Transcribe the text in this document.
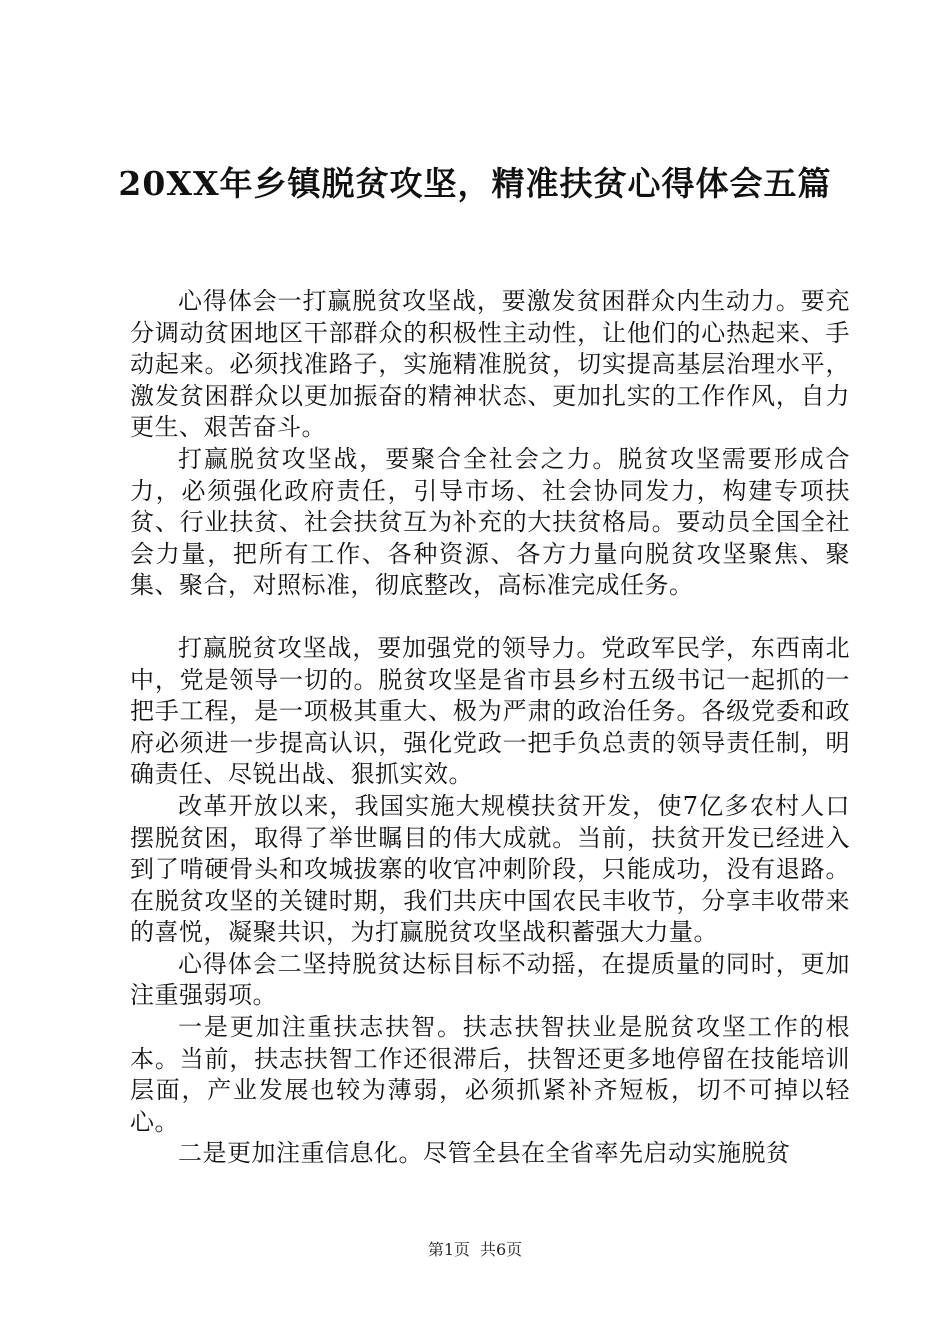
20XX年乡镇脱贫攻坚，精准扶贫心得体会五篇

心得体会一打赢脱贫攻坚战，要激发贫困群众内生动力。要充分调动贫困地区干部群众的积极性主动性，让他们的心热起来、手动起来。必须找准路子，实施精准脱贫，切实提高基层治理水平，激发贫困群众以更加振奋的精神状态、更加扎实的工作作风，自力更生、艰苦奋斗。

打赢脱贫攻坚战，要聚合全社会之力。脱贫攻坚需要形成合力，必须强化政府责任，引导市场、社会协同发力，构建专项扶贫、行业扶贫、社会扶贫互为补充的大扶贫格局。要动员全国全社会力量，把所有工作、各种资源、各方力量向脱贫攻坚聚焦、聚集、聚合，对照标准，彻底整改，高标准完成任务。

打赢脱贫攻坚战，要加强党的领导力。党政军民学，东西南北中，党是领导一切的。脱贫攻坚是省市县乡村五级书记一起抓的一把手工程，是一项极其重大、极为严肃的政治任务。各级党委和政府必须进一步提高认识，强化党政一把手负总责的领导责任制，明确责任、尽锐出战、狠抓实效。

改革开放以来，我国实施大规模扶贫开发，使7亿多农村人口摆脱贫困，取得了举世瞩目的伟大成就。当前，扶贫开发已经进入到了啃硬骨头和攻城拔寨的收官冲刺阶段，只能成功，没有退路。在脱贫攻坚的关键时期，我们共庆中国农民丰收节，分享丰收带来的喜悦，凝聚共识，为打赢脱贫攻坚战积蓄强大力量。

心得体会二坚持脱贫达标目标不动摇，在提质量的同时，更加注重强弱项。

一是更加注重扶志扶智。扶志扶智扶业是脱贫攻坚工作的根本。当前，扶志扶智工作还很滞后，扶智还更多地停留在技能培训层面，产业发展也较为薄弱，必须抓紧补齐短板，切不可掉以轻心。

二是更加注重信息化。尽管全县在全省率先启动实施脱贫

第1页 共6页
